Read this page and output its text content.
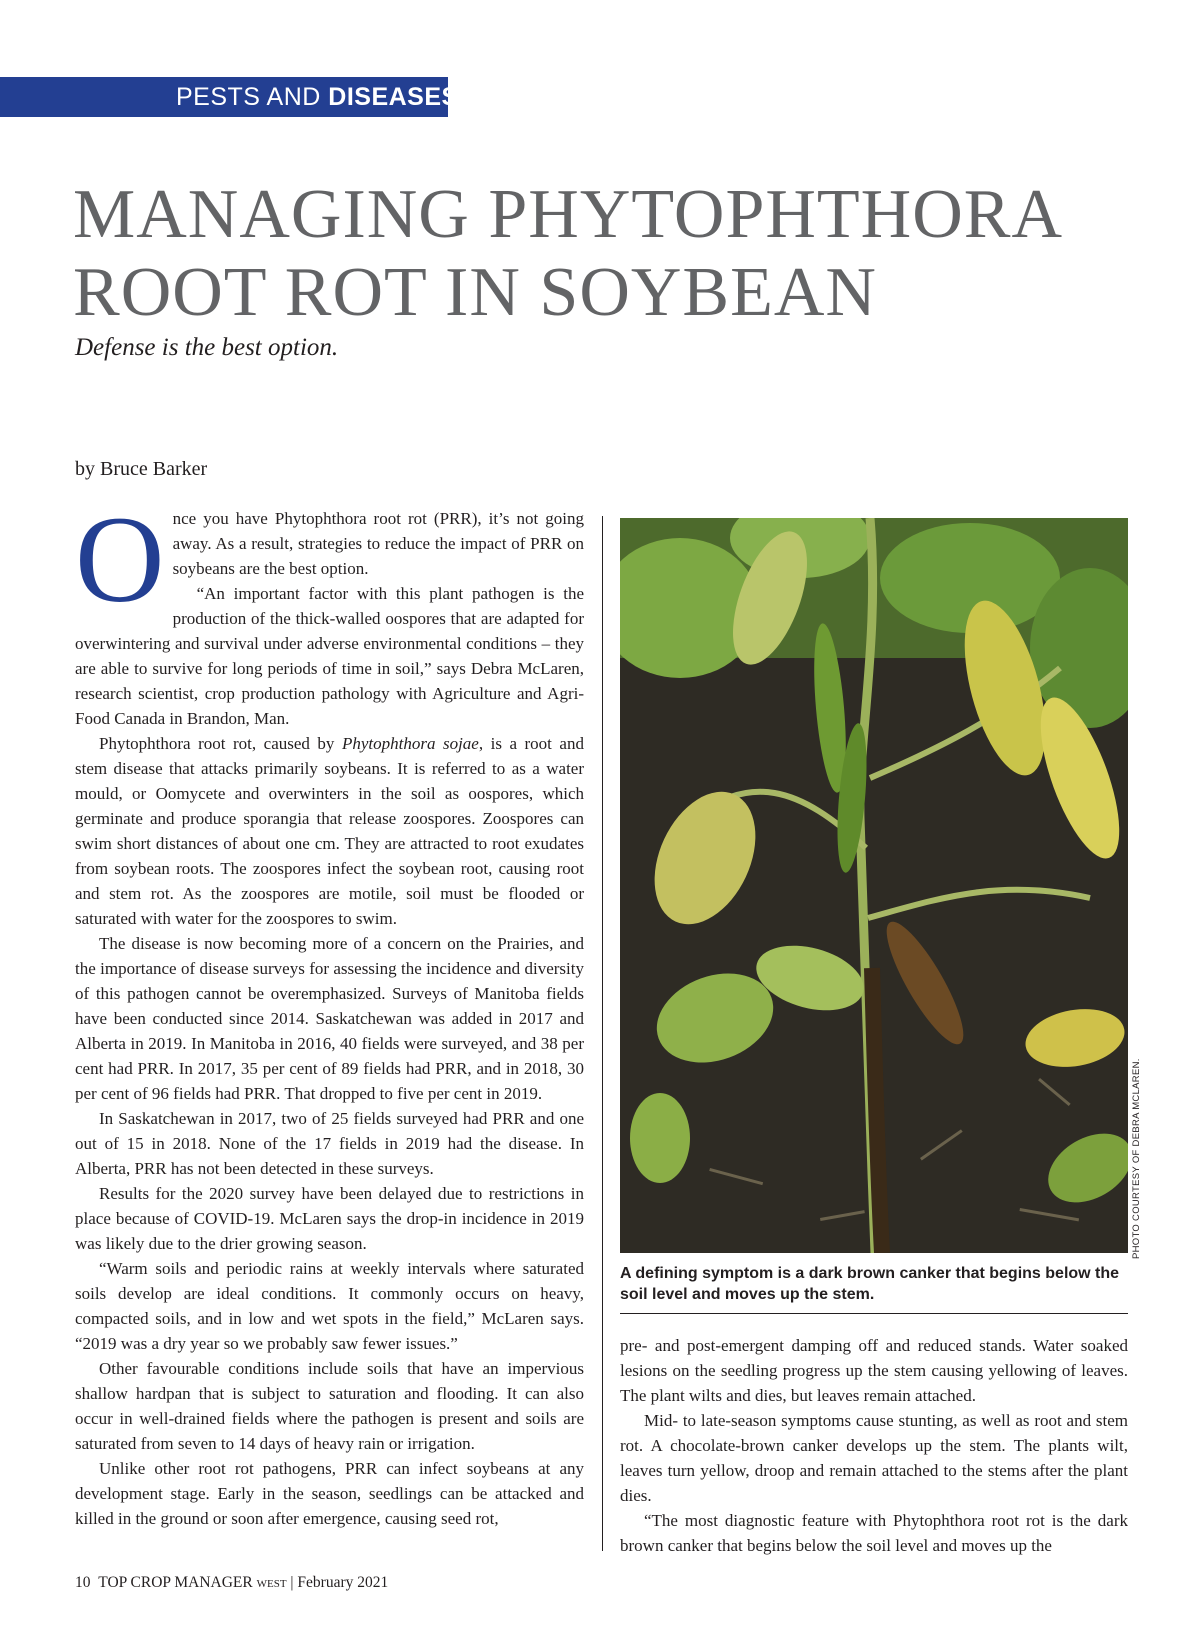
PESTS AND DISEASES
MANAGING PHYTOPHTHORA
ROOT ROT IN SOYBEAN

Defense is the best option.

by Bruce Barker

Once you have Phytophthora root rot (PRR), it’s not going away. As a result, strategies to reduce the impact of PRR on soybeans are the best option.

“An important factor with this plant pathogen is the production of the thick-walled oospores that are adapted for overwintering and survival under adverse environmental conditions – they are able to survive for long periods of time in soil,” says Debra McLaren, research scientist, crop production pathology with Agriculture and Agri-Food Canada in Brandon, Man.

Phytophthora root rot, caused by Phytophthora sojae, is a root and stem disease that attacks primarily soybeans. It is referred to as a water mould, or Oomycete and overwinters in the soil as oospores, which germinate and produce sporangia that release zoospores. Zoospores can swim short distances of about one cm. They are attracted to root exudates from soybean roots. The zoospores infect the soybean root, causing root and stem rot. As the zoospores are motile, soil must be flooded or saturated with water for the zoospores to swim.

The disease is now becoming more of a concern on the Prairies, and the importance of disease surveys for assessing the incidence and diversity of this pathogen cannot be overemphasized. Surveys of Manitoba fields have been conducted since 2014. Saskatchewan was added in 2017 and Alberta in 2019. In Manitoba in 2016, 40 fields were surveyed, and 38 per cent had PRR. In 2017, 35 per cent of 89 fields had PRR, and in 2018, 30 per cent of 96 fields had PRR. That dropped to five per cent in 2019.

In Saskatchewan in 2017, two of 25 fields surveyed had PRR and one out of 15 in 2018. None of the 17 fields in 2019 had the disease. In Alberta, PRR has not been detected in these surveys.

Results for the 2020 survey have been delayed due to restrictions in place because of COVID-19. McLaren says the drop-in incidence in 2019 was likely due to the drier growing season.

“Warm soils and periodic rains at weekly intervals where saturated soils develop are ideal conditions. It commonly occurs on heavy, compacted soils, and in low and wet spots in the field,” McLaren says. “2019 was a dry year so we probably saw fewer issues.”

Other favourable conditions include soils that have an impervious shallow hardpan that is subject to saturation and flooding. It can also occur in well-drained fields where the pathogen is present and soils are saturated from seven to 14 days of heavy rain or irrigation.

Unlike other root rot pathogens, PRR can infect soybeans at any development stage. Early in the season, seedlings can be attacked and killed in the ground or soon after emergence, causing seed rot,

PHOTO COURTESY OF DEBRA MCLAREN.

A defining symptom is a dark brown canker that begins below the soil level and moves up the stem.

pre- and post-emergent damping off and reduced stands. Water soaked lesions on the seedling progress up the stem causing yellowing of leaves. The plant wilts and dies, but leaves remain attached.

Mid- to late-season symptoms cause stunting, as well as root and stem rot. A chocolate-brown canker develops up the stem. The plants wilt, leaves turn yellow, droop and remain attached to the stems after the plant dies.

“The most diagnostic feature with Phytophthora root rot is the dark brown canker that begins below the soil level and moves up the

10 TOP CROP MANAGER WEST | February 2021
